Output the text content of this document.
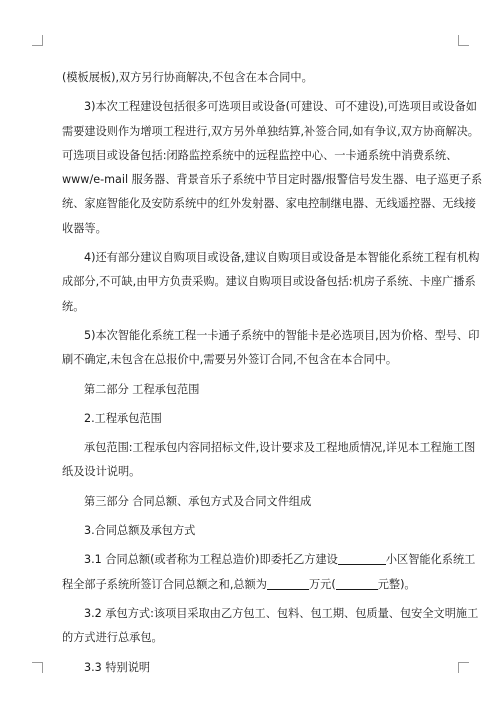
(模板展板),双方另行协商解决,不包含在本合同中。

3)本次工程建设包括很多可选项目或设备(可建设、可不建设),可选项目或设备如

需要建设则作为增项工程进行,双方另外单独结算,补签合同,如有争议,双方协商解决。

可选项目或设备包括:闭路监控系统中的远程监控中心、一卡通系统中消费系统、

www/e-mail 服务器、背景音乐子系统中节目定时器/报警信号发生器、电子巡更子系

统、家庭智能化及安防系统中的红外发射器、家电控制继电器、无线遥控器、无线接

收器等。

4)还有部分建议自购项目或设备,建议自购项目或设备是本智能化系统工程有机构

成部分,不可缺,由甲方负责采购。建议自购项目或设备包括:机房子系统、卡座广播系

统。

5)本次智能化系统工程一卡通子系统中的智能卡是必选项目,因为价格、型号、印

刷不确定,未包含在总报价中,需要另外签订合同,不包含在本合同中。

第二部分 工程承包范围

2.工程承包范围

承包范围:工程承包内容同招标文件,设计要求及工程地质情况,详见本工程施工图

纸及设计说明。

第三部分 合同总额、承包方式及合同文件组成

3.合同总额及承包方式

3.1 合同总额(或者称为工程总造价)即委托乙方建设	小区智能化系统工

程全部子系统所签订合同总额之和,总额为	万元(	元整)。

3.2 承包方式:该项目采取由乙方包工、包料、包工期、包质量、包安全文明施工

的方式进行总承包。

3.3 特别说明
